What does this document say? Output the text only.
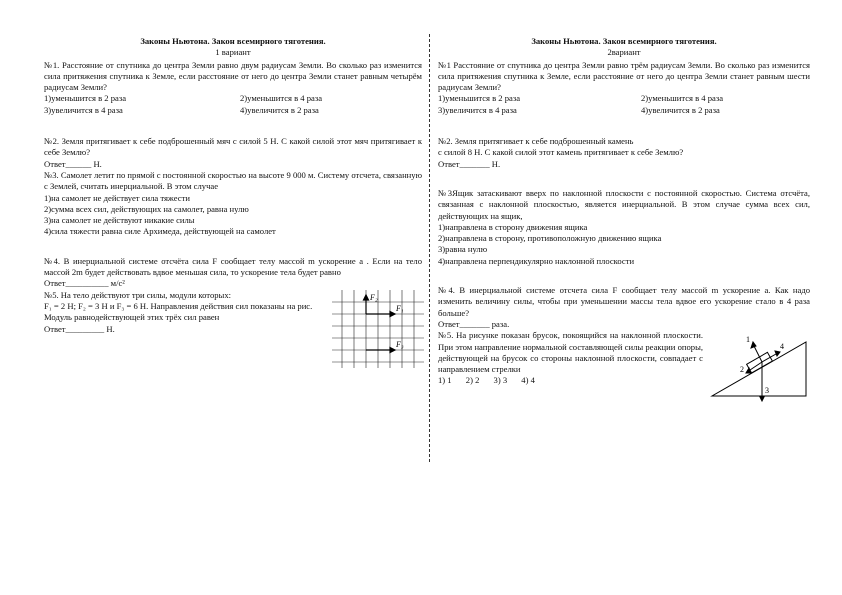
Законы Ньютона. Закон всемирного тяготения.
1 вариант

№1. Расстояние от спутника до центра Земли равно двум радиусам Земли. Во сколько раз изменится сила притяжения спутника к Земле, если расстояние от него до центра Земли станет равным четырём радиусам Земли?

1)уменьшится в 2 раза	2)уменьшится в 4 раза
3)увеличится в 4 раза	4)увеличится в 2 раза

№2. Земля притягивает к себе подброшенный мяч с силой 5 Н. С какой силой этот мяч притягивает к себе Землю?

Ответ______ Н.

№3. Самолет летит по прямой с постоянной скоростью на высоте 9 000 м. Систему отсчета, связанную с Землей, считать инерциальной. В этом случае

1)на самолет не действует сила тяжести

2)сумма всех сил, действующих на самолет, равна нулю

3)на самолет не действуют никакие силы

4)сила тяжести равна силе Архимеда, действующей на самолет

№4. В инерциальной системе отсчёта сила F сообщает телу массой m ускорение a . Если на тело массой 2m будет действовать вдвое меньшая сила, то ускорение тела будет равно

Ответ__________ м/с²

№5. На тело действуют три силы, модули которых:

F₁ = 2 Н; F₂ = 3 Н и F₃ = 6 Н. Направления действия сил показаны на рис.

Модуль равнодействующей этих трёх сил равен

Ответ_________ Н.

F₂
F₁
F₃
Законы Ньютона. Закон всемирного тяготения.
2вариант

№1 Расстояние от спутника до центра Земли равно трём радиусам Земли. Во сколько раз изменится сила притяжения спутника к Земле, если расстояние от него до центра Земли станет равным шести радиусам Земли?

1)уменьшится в 2 раза	2)уменьшится в 4 раза
3)увеличится в 4 раза	4)увеличится в 2 раза

№2. Земля притягивает к себе подброшенный камень

с силой 8 Н. С какой силой этот камень притягивает к себе Землю?

Ответ_______ Н.

№3Ящик затаскивают вверх по наклонной плоскости с постоянной скоростью. Система отсчёта, связанная с наклонной плоскостью, является инерциальной. В этом случае сумма всех сил, действующих на ящик,

1)направлена в сторону движения ящика

2)направлена в сторону, противоположную движению ящика

3)равна нулю

4)направлена перпендикулярно наклонной плоскости

№4. В инерциальной системе отсчета сила F сообщает телу массой m ускорение a. Как надо изменить величину силы, чтобы при уменьшении массы тела вдвое его ускорение стало в 4 раза больше?

Ответ_______ раза.

№5. На рисунке показан брусок, покоящийся на наклонной плоскости. При этом направление нормальной составляющей силы реакции опоры, действующей на брусок со стороны наклонной плоскости, совпадает с направлением стрелки

1) 1 2) 2 3) 3 4) 4
1
4
2
3
